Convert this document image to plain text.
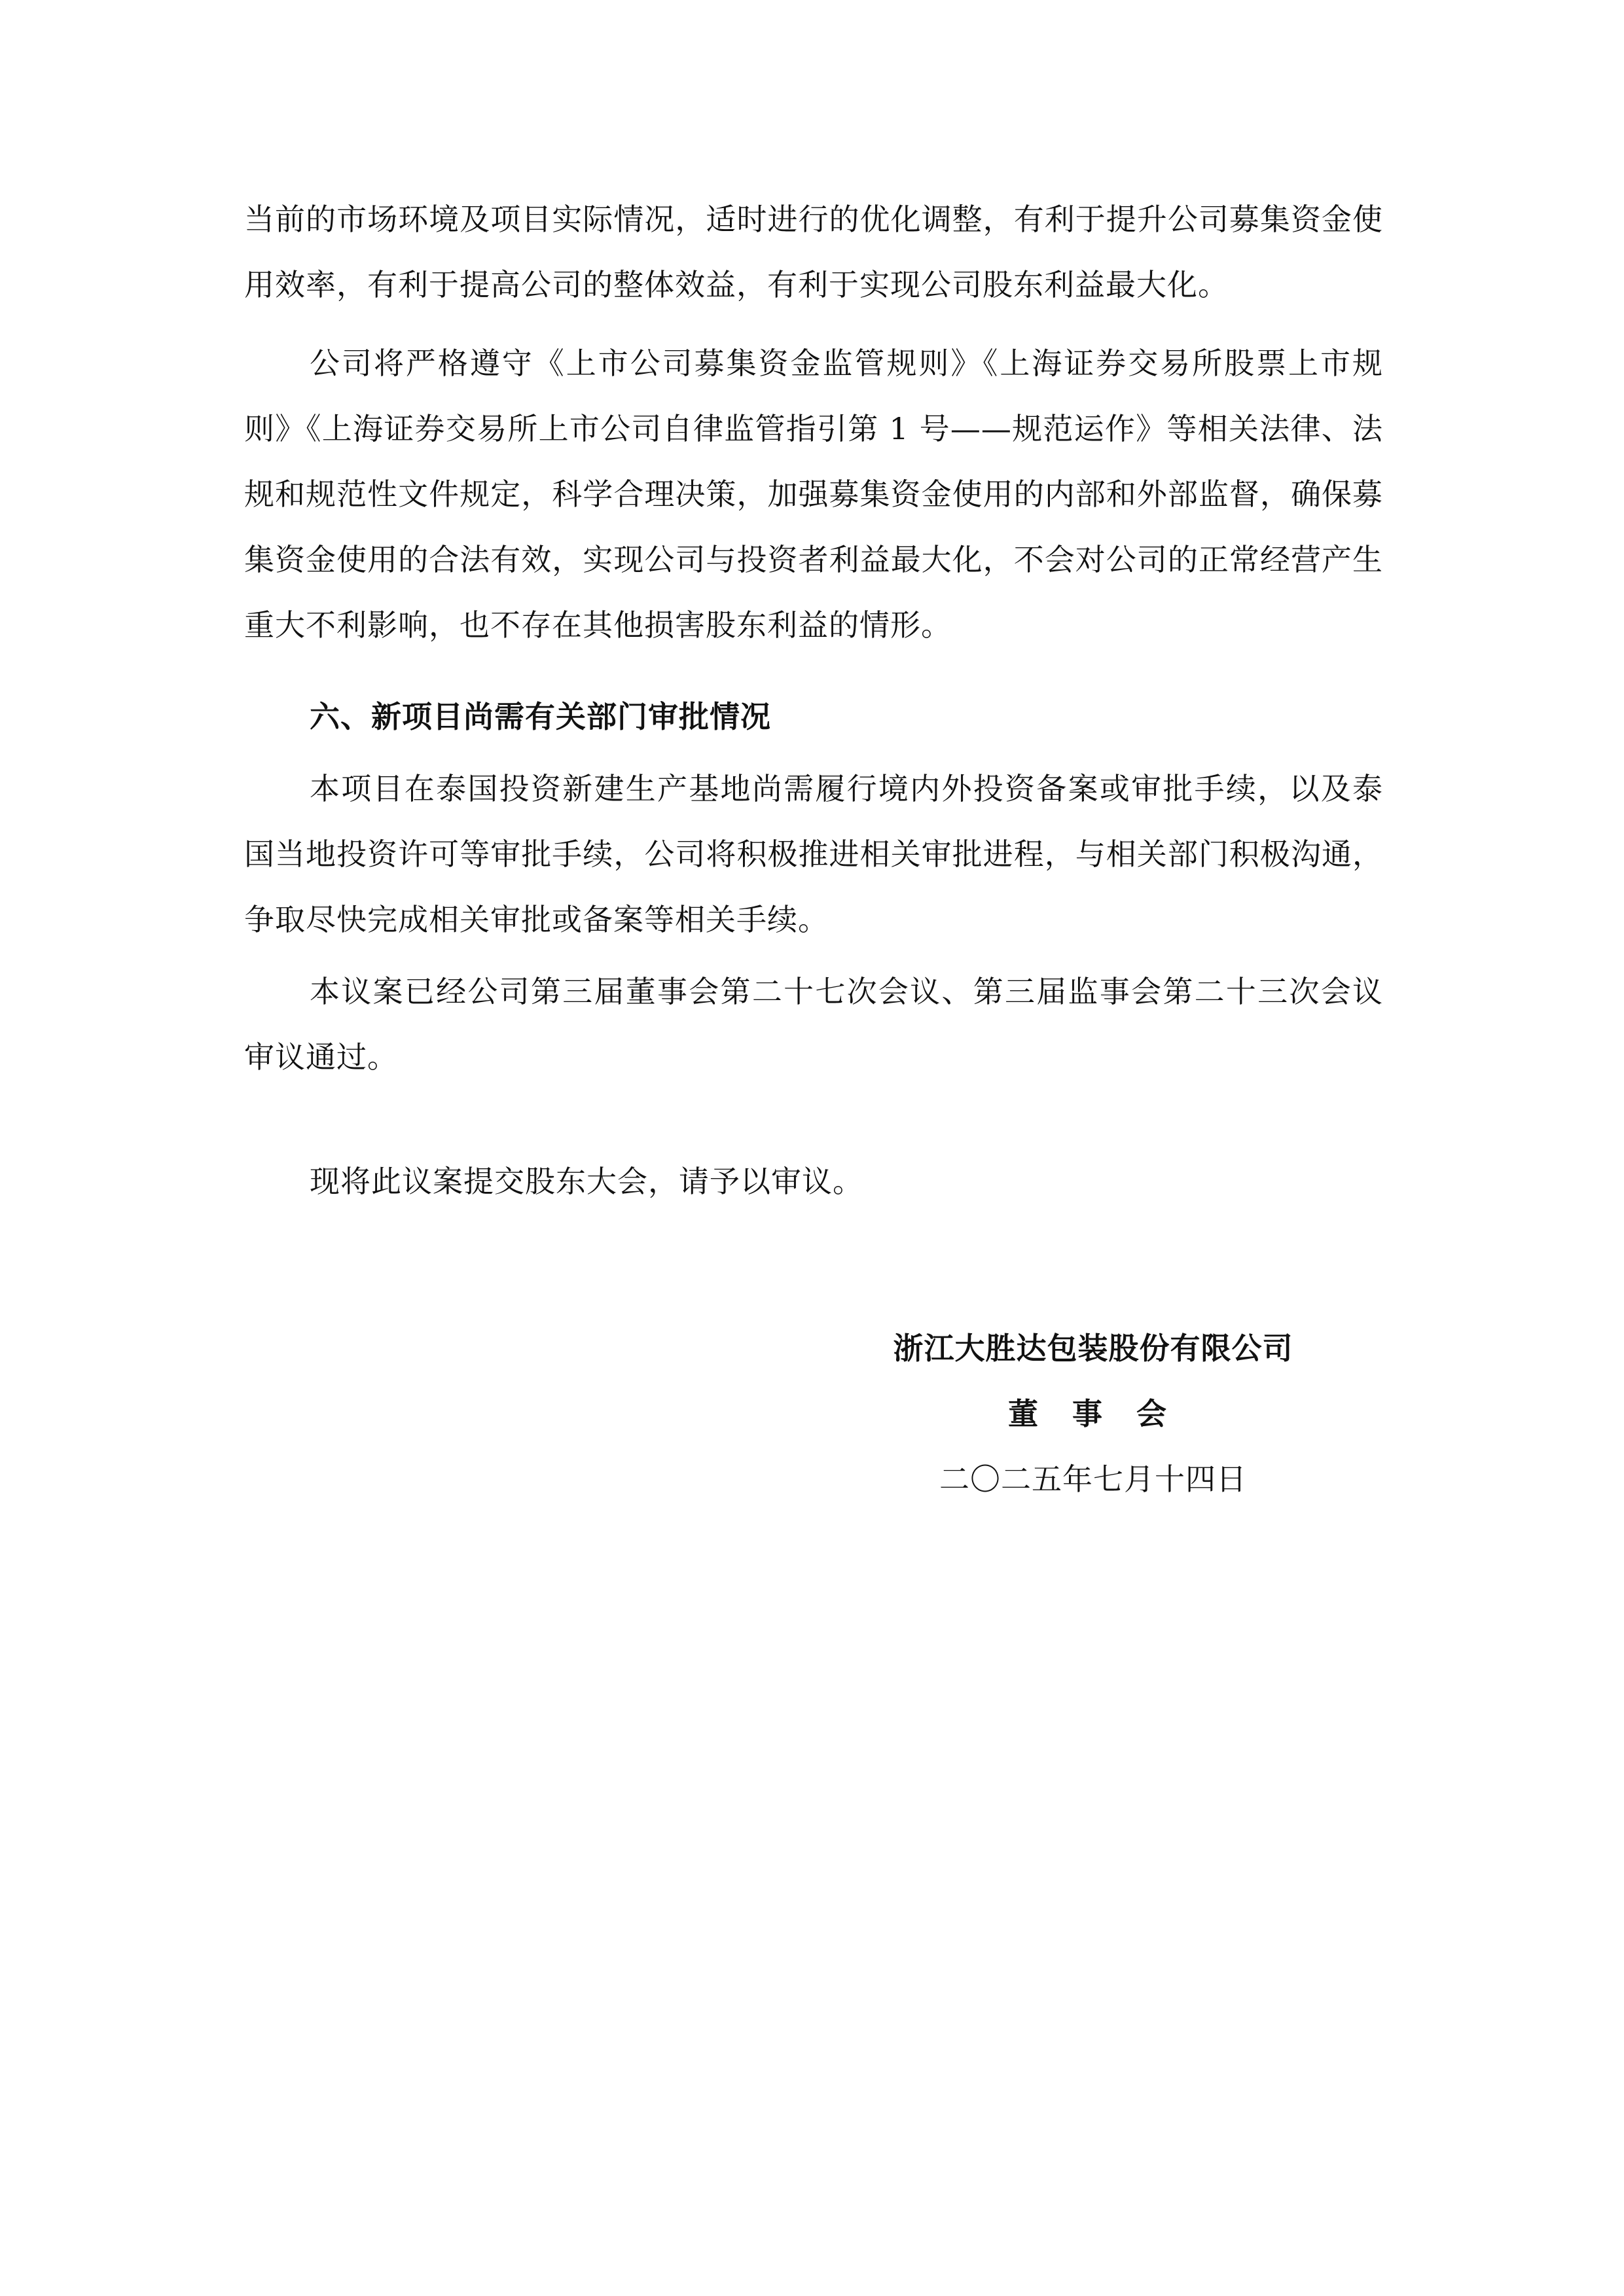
当前的市场环境及项目实际情况，适时进行的优化调整，有利于提升公司募集资金使用效率，有利于提高公司的整体效益，有利于实现公司股东利益最大化。

公司将严格遵守《上市公司募集资金监管规则》《上海证券交易所股票上市规则》《上海证券交易所上市公司自律监管指引第 1 号——规范运作》等相关法律、法规和规范性文件规定，科学合理决策，加强募集资金使用的内部和外部监督，确保募集资金使用的合法有效，实现公司与投资者利益最大化，不会对公司的正常经营产生重大不利影响，也不存在其他损害股东利益的情形。

六、新项目尚需有关部门审批情况

本项目在泰国投资新建生产基地尚需履行境内外投资备案或审批手续，以及泰国当地投资许可等审批手续，公司将积极推进相关审批进程，与相关部门积极沟通，争取尽快完成相关审批或备案等相关手续。

本议案已经公司第三届董事会第二十七次会议、第三届监事会第二十三次会议审议通过。

现将此议案提交股东大会，请予以审议。

浙江大胜达包装股份有限公司

董 事 会

二〇二五年七月十四日
